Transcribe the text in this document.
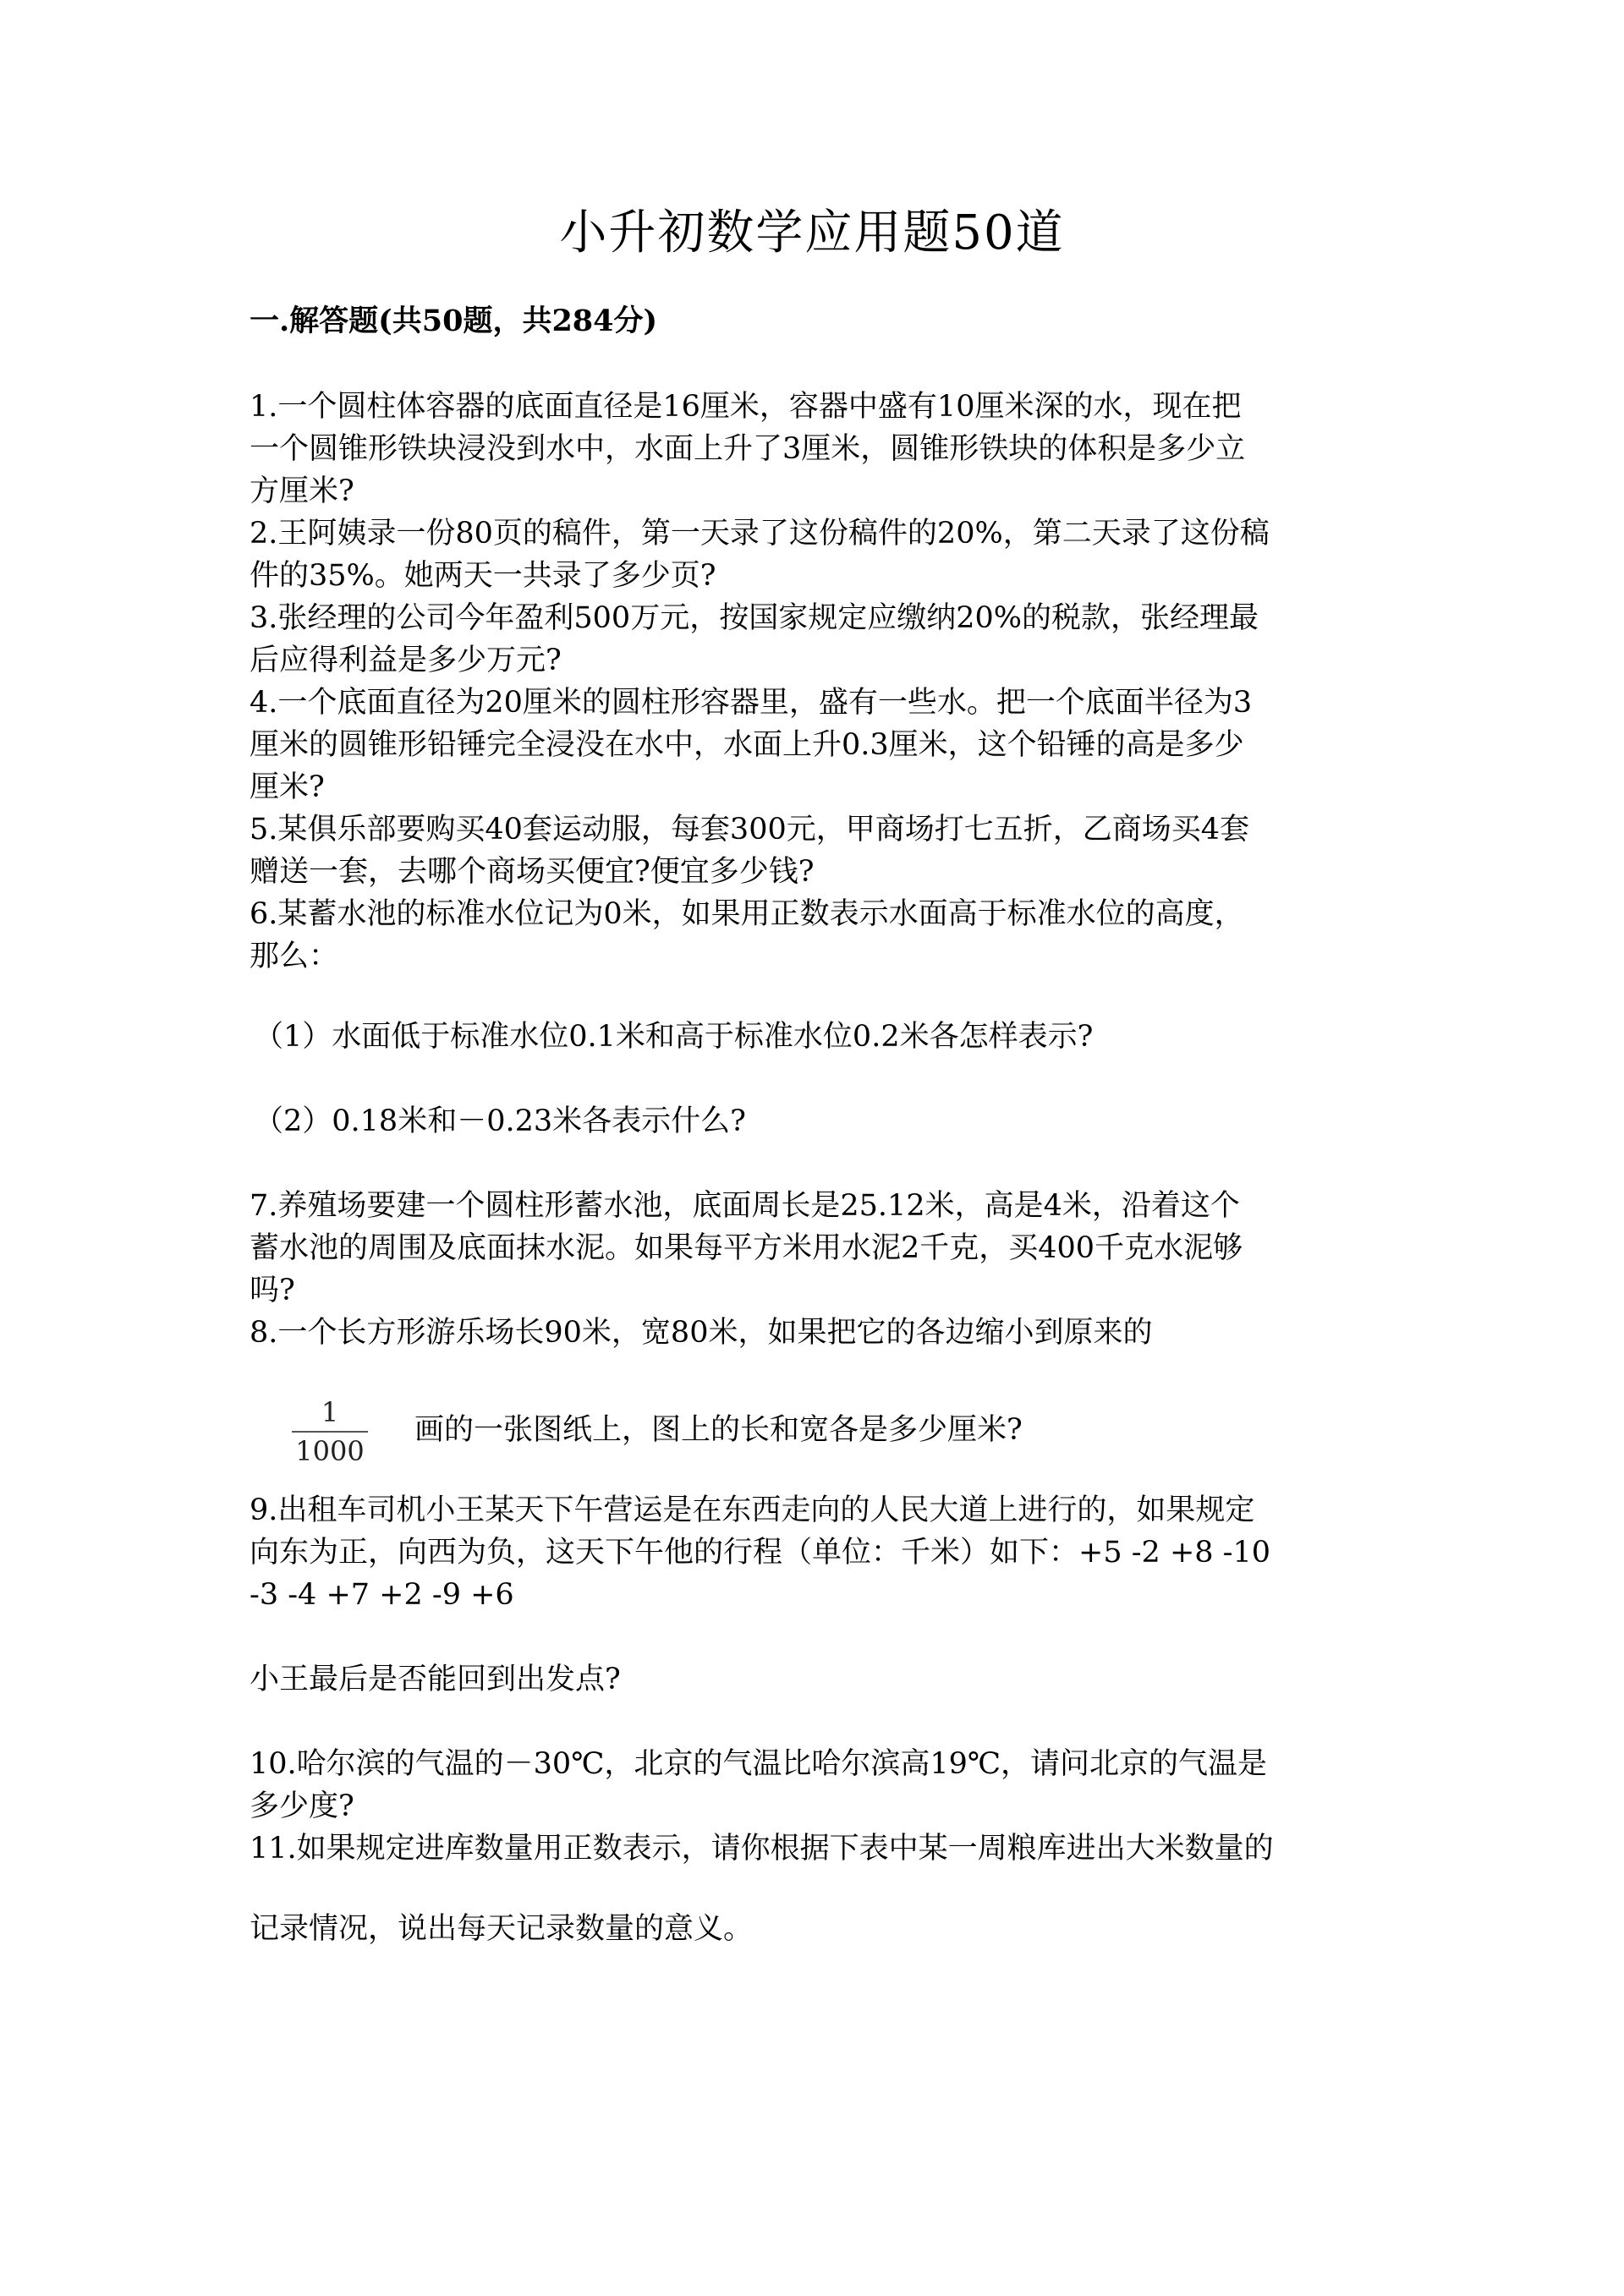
小升初数学应用题50道
一.解答题(共50题，共284分)
1.一个圆柱体容器的底面直径是16厘米，容器中盛有10厘米深的水，现在把
一个圆锥形铁块浸没到水中，水面上升了3厘米，圆锥形铁块的体积是多少立
方厘米?
2.王阿姨录一份80页的稿件，第一天录了这份稿件的20%，第二天录了这份稿
件的35%。她两天一共录了多少页?
3.张经理的公司今年盈利500万元，按国家规定应缴纳20%的税款，张经理最
后应得利益是多少万元?
4.一个底面直径为20厘米的圆柱形容器里，盛有一些水。把一个底面半径为3
厘米的圆锥形铅锤完全浸没在水中，水面上升0.3厘米，这个铅锤的高是多少
厘米?
5.某俱乐部要购买40套运动服，每套300元，甲商场打七五折，乙商场买4套
赠送一套，去哪个商场买便宜?便宜多少钱?
6.某蓄水池的标准水位记为0米，如果用正数表示水面高于标准水位的高度，
那么：
（1）水面低于标准水位0.1米和高于标准水位0.2米各怎样表示?
（2）0.18米和－0.23米各表示什么?
7.养殖场要建一个圆柱形蓄水池，底面周长是25.12米，高是4米，沿着这个
蓄水池的周围及底面抹水泥。如果每平方米用水泥2千克，买400千克水泥够
吗?
8.一个长方形游乐场长90米，宽80米，如果把它的各边缩小到原来的
1
1000
画的一张图纸上，图上的长和宽各是多少厘米?
9.出租车司机小王某天下午营运是在东西走向的人民大道上进行的，如果规定
向东为正，向西为负，这天下午他的行程（单位：千米）如下：+5 -2 +8 -10
-3 -4 +7 +2 -9 +6
小王最后是否能回到出发点?
10.哈尔滨的气温的－30℃，北京的气温比哈尔滨高19℃，请问北京的气温是
多少度?
11.如果规定进库数量用正数表示，请你根据下表中某一周粮库进出大米数量的
记录情况，说出每天记录数量的意义。
